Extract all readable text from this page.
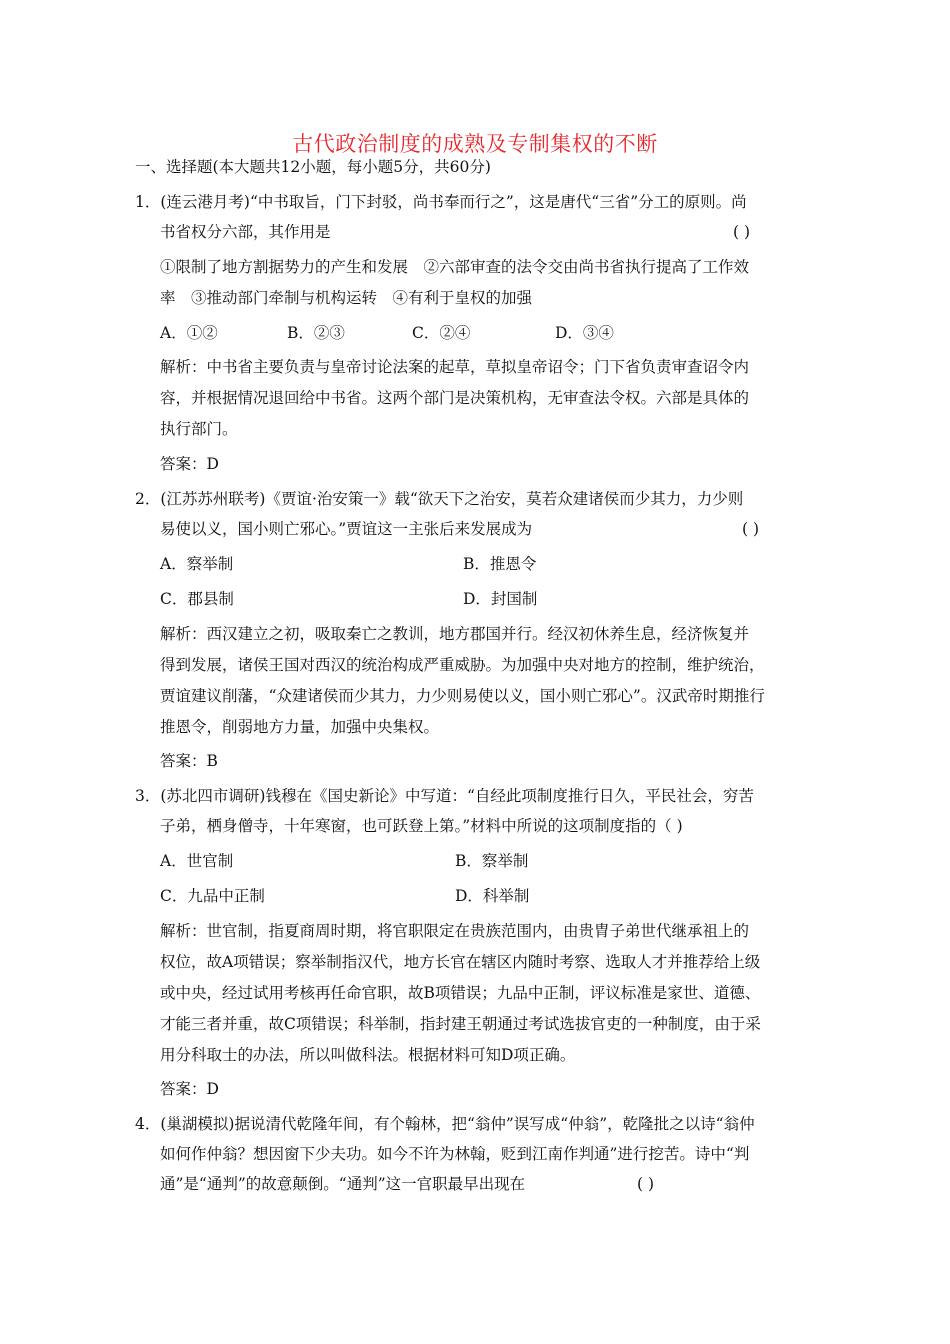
古代政治制度的成熟及专制集权的不断
一、选择题(本大题共12小题，每小题5分，共60分)
1．(连云港月考)“中书取旨，门下封驳，尚书奉而行之”，这是唐代“三省”分工的原则。尚
书省权分六部，其作用是	( )
①限制了地方割据势力的产生和发展　②六部审查的法令交由尚书省执行提高了工作效
率　③推动部门牵制与机构运转　④有利于皇权的加强
A．①②	B．②③	C．②④	D．③④
解析：中书省主要负责与皇帝讨论法案的起草，草拟皇帝诏令；门下省负责审查诏令内
容，并根据情况退回给中书省。这两个部门是决策机构，无审查法令权。六部是具体的
执行部门。
答案：D
2．(江苏苏州联考)《贾谊·治安策一》载“欲天下之治安，莫若众建诸侯而少其力，力少则
易使以义，国小则亡邪心。”贾谊这一主张后来发展成为	( )
A．察举制	B．推恩令
C．郡县制	D．封国制
解析：西汉建立之初，吸取秦亡之教训，地方郡国并行。经汉初休养生息，经济恢复并
得到发展，诸侯王国对西汉的统治构成严重威胁。为加强中央对地方的控制，维护统治，
贾谊建议削藩，“众建诸侯而少其力，力少则易使以义，国小则亡邪心”。汉武帝时期推行
推恩令，削弱地方力量，加强中央集权。
答案：B
3．(苏北四市调研)钱穆在《国史新论》中写道：“自经此项制度推行日久，平民社会，穷苦
子弟，栖身僧寺，十年寒窗，也可跃登上第。”材料中所说的这项制度指的（ )
A．世官制	B．察举制
C．九品中正制	D．科举制
解析：世官制，指夏商周时期，将官职限定在贵族范围内，由贵胄子弟世代继承祖上的
权位，故A项错误；察举制指汉代，地方长官在辖区内随时考察、选取人才并推荐给上级
或中央，经过试用考核再任命官职，故B项错误；九品中正制，评议标准是家世、道德、
才能三者并重，故C项错误；科举制，指封建王朝通过考试选拔官吏的一种制度，由于采
用分科取士的办法，所以叫做科法。根据材料可知D项正确。
答案：D
4．(巢湖模拟)据说清代乾隆年间，有个翰林，把“翁仲”误写成“仲翁”，乾隆批之以诗“翁仲
如何作仲翁？想因窗下少夫功。如今不许为林翰，贬到江南作判通”进行挖苦。诗中“判
通”是“通判”的故意颠倒。“通判”这一官职最早出现在	( )
